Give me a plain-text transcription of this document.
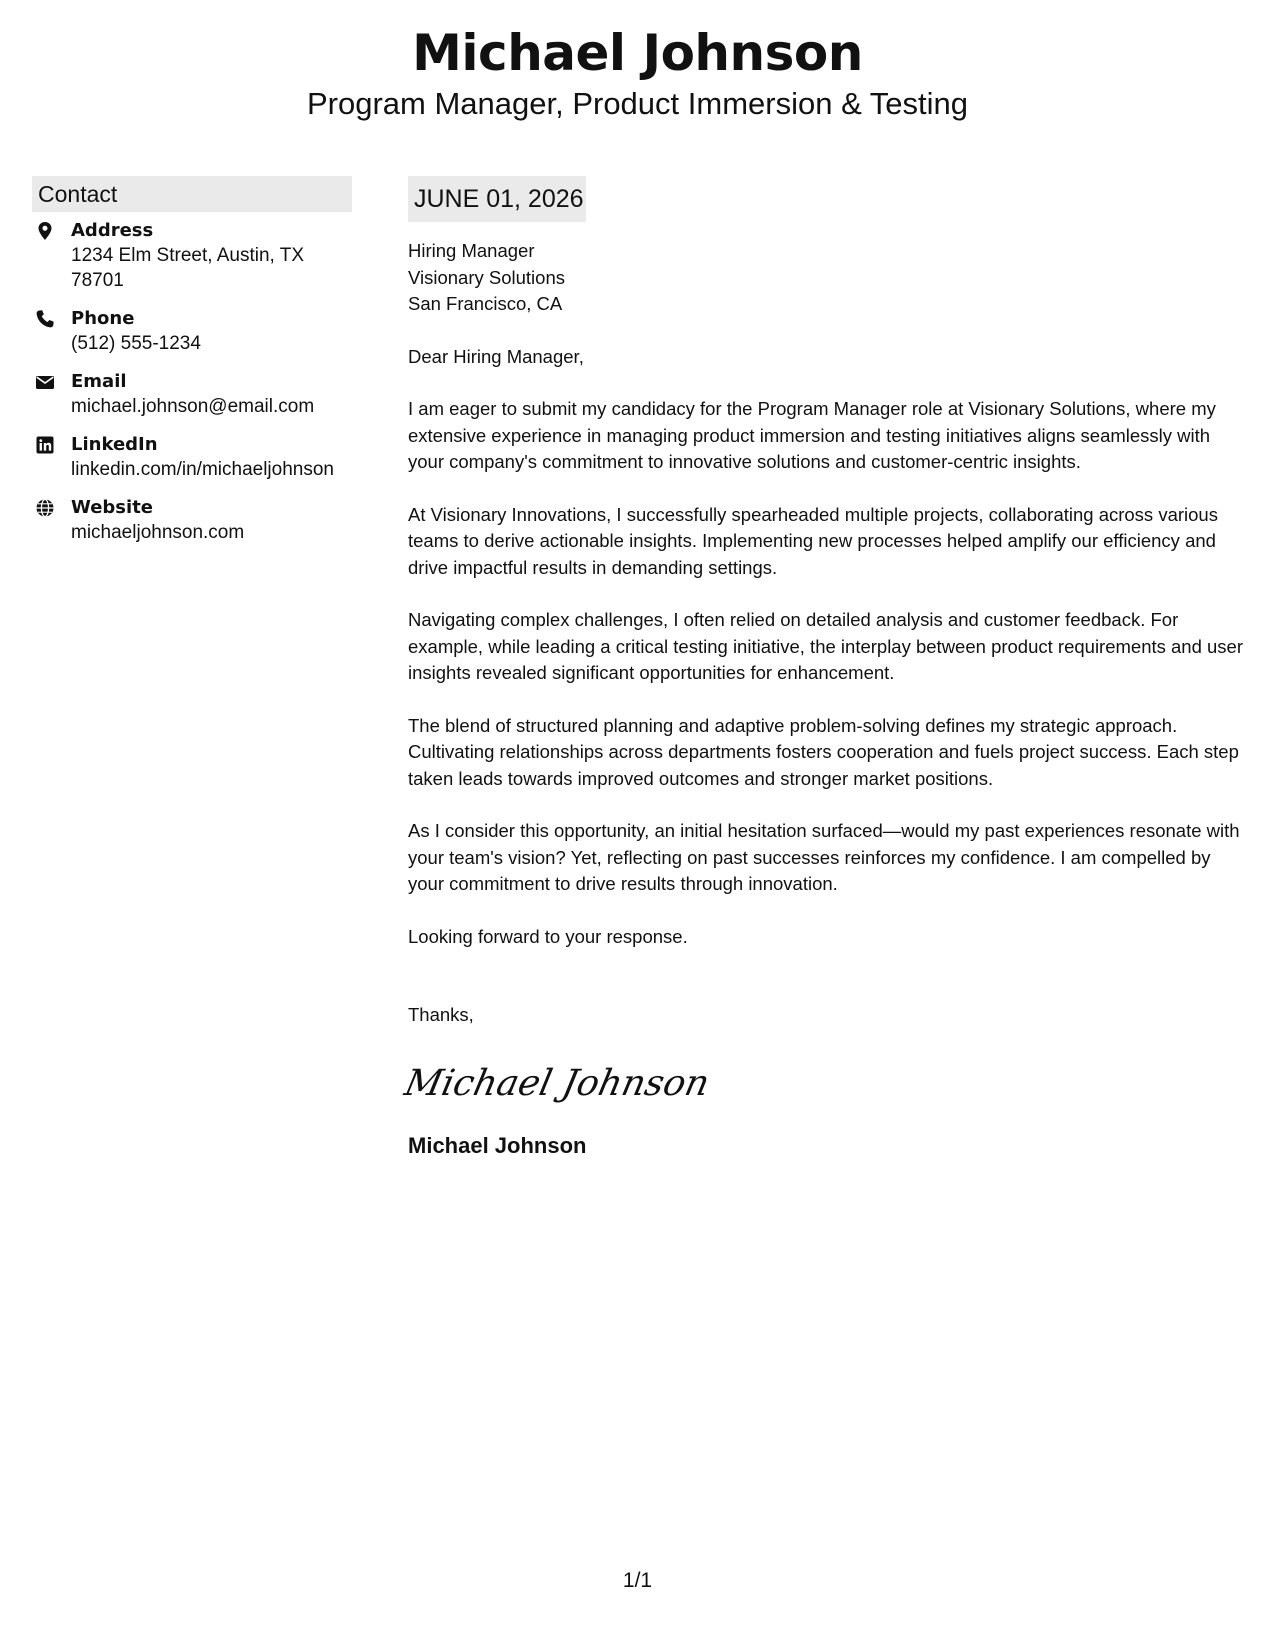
Michael Johnson
Program Manager, Product Immersion & Testing
Contact
Address
1234 Elm Street, Austin, TX 78701
Phone
(512) 555-1234
Email
michael.johnson@email.com
LinkedIn
linkedin.com/in/michaeljohnson
Website
michaeljohnson.com
JUNE 01, 2026
Hiring Manager
Visionary Solutions
San Francisco, CA

Dear Hiring Manager,

I am eager to submit my candidacy for the Program Manager role at Visionary Solutions, where my extensive experience in managing product immersion and testing initiatives aligns seamlessly with your company's commitment to innovative solutions and customer-centric insights.

At Visionary Innovations, I successfully spearheaded multiple projects, collaborating across various teams to derive actionable insights. Implementing new processes helped amplify our efficiency and drive impactful results in demanding settings.

Navigating complex challenges, I often relied on detailed analysis and customer feedback. For example, while leading a critical testing initiative, the interplay between product requirements and user insights revealed significant opportunities for enhancement.

The blend of structured planning and adaptive problem-solving defines my strategic approach. Cultivating relationships across departments fosters cooperation and fuels project success. Each step taken leads towards improved outcomes and stronger market positions.

As I consider this opportunity, an initial hesitation surfaced—would my past experiences resonate with your team's vision? Yet, reflecting on past successes reinforces my confidence. I am compelled by your commitment to drive results through innovation.

Looking forward to your response.

Thanks,
Michael Johnson
Michael Johnson
1/1
